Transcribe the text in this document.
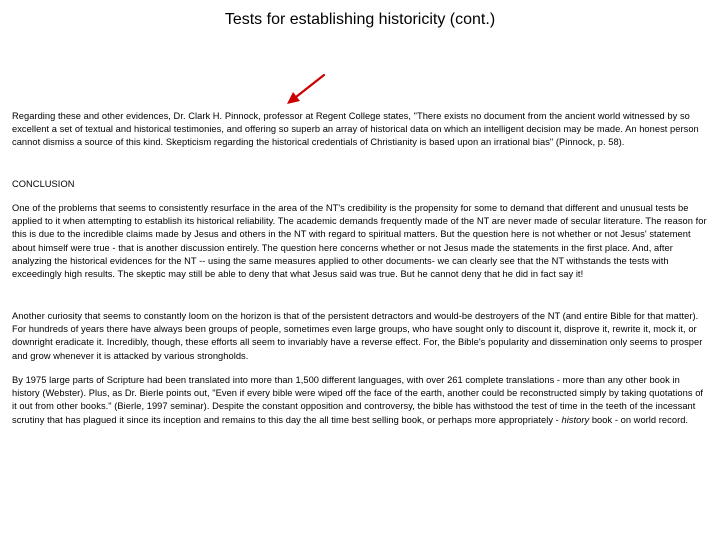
Tests for establishing historicity (cont.)

Regarding these and other evidences, Dr. Clark H. Pinnock, professor at Regent College states, "There exists no document from the ancient world witnessed by so excellent a set of textual and historical testimonies, and offering so superb an array of historical data on which an intelligent decision may be made. An honest person cannot dismiss a source of this kind. Skepticism regarding the historical credentials of Christianity is based upon an irrational bias" (Pinnock, p. 58).

CONCLUSION

One of the problems that seems to consistently resurface in the area of the NT's credibility is the propensity for some to demand that different and unusual tests be applied to it when attempting to establish its historical reliability. The academic demands frequently made of the NT are never made of secular literature. The reason for this is due to the incredible claims made by Jesus and others in the NT with regard to spiritual matters. But the question here is not whether or not Jesus' statement about himself were true - that is another discussion entirely. The question here concerns whether or not Jesus made the statements in the first place. And, after analyzing the historical evidences for the NT -- using the same measures applied to other documents- we can clearly see that the NT withstands the tests with exceedingly high results. The skeptic may still be able to deny that what Jesus said was true. But he cannot deny that he did in fact say it!

Another curiosity that seems to constantly loom on the horizon is that of the persistent detractors and would-be destroyers of the NT (and entire Bible for that matter). For hundreds of years there have always been groups of people, sometimes even large groups, who have sought only to discount it, disprove it, rewrite it, mock it, or downright eradicate it. Incredibly, though, these efforts all seem to invariably have a reverse effect. For, the Bible's popularity and dissemination only seems to prosper and grow whenever it is attacked by various strongholds.

By 1975 large parts of Scripture had been translated into more than 1,500 different languages, with over 261 complete translations - more than any other book in history (Webster). Plus, as Dr. Bierle points out, "Even if every bible were wiped off the face of the earth, another could be reconstructed simply by taking quotations of it out from other books." (Bierle, 1997 seminar). Despite the constant opposition and controversy, the bible has withstood the test of time in the teeth of the incessant scrutiny that has plagued it since its inception and remains to this day the all time best selling book, or perhaps more appropriately - history book - on world record.
